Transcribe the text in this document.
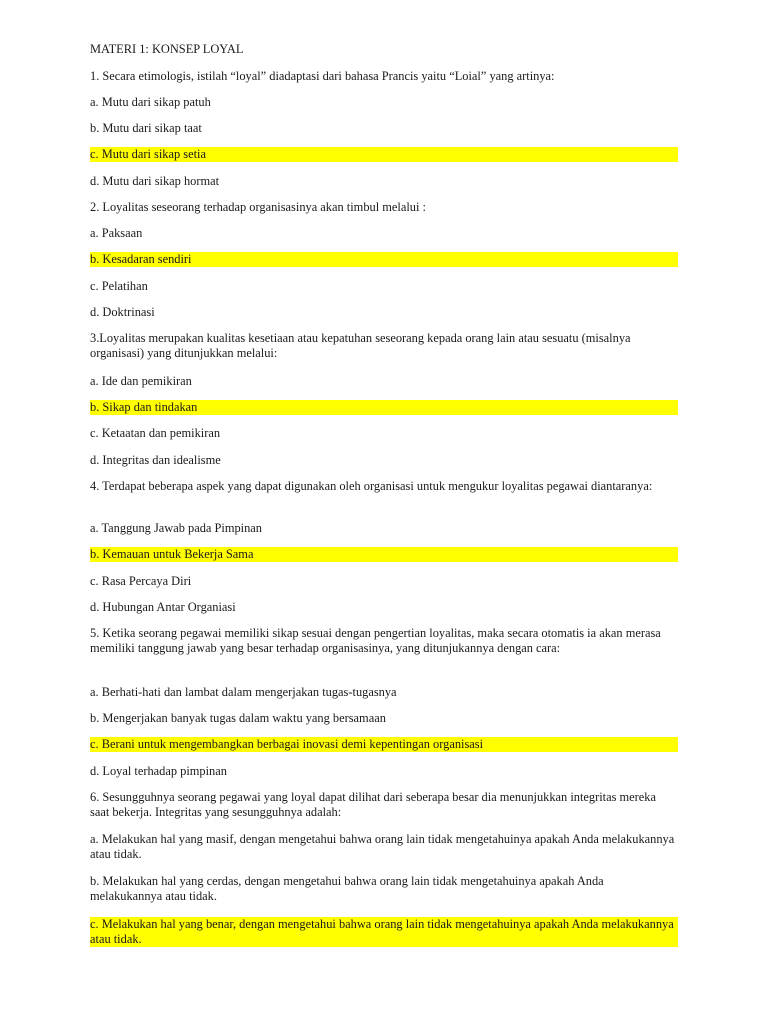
MATERI 1: KONSEP LOYAL
1. Secara etimologis, istilah “loyal” diadaptasi dari bahasa Prancis yaitu “Loial” yang artinya:
a. Mutu dari sikap patuh
b. Mutu dari sikap taat
c. Mutu dari sikap setia
d. Mutu dari sikap hormat
2. Loyalitas seseorang terhadap organisasinya akan timbul melalui :
a. Paksaan
b. Kesadaran sendiri
c. Pelatihan
d. Doktrinasi
3.Loyalitas merupakan kualitas kesetiaan atau kepatuhan seseorang kepada orang lain atau sesuatu (misalnya organisasi) yang ditunjukkan melalui:
a. Ide dan pemikiran
b. Sikap dan tindakan
c. Ketaatan dan pemikiran
d. Integritas dan idealisme
4. Terdapat beberapa aspek yang dapat digunakan oleh organisasi untuk mengukur loyalitas pegawai diantaranya:
a. Tanggung Jawab pada Pimpinan
b. Kemauan untuk Bekerja Sama
c. Rasa Percaya Diri
d. Hubungan Antar Organiasi
5. Ketika seorang pegawai memiliki sikap sesuai dengan pengertian loyalitas, maka secara otomatis ia akan merasa memiliki tanggung jawab yang besar terhadap organisasinya, yang ditunjukannya dengan cara:
a. Berhati-hati dan lambat dalam mengerjakan tugas-tugasnya
b. Mengerjakan banyak tugas dalam waktu yang bersamaan
c. Berani untuk mengembangkan berbagai inovasi demi kepentingan organisasi
d. Loyal terhadap pimpinan
6. Sesungguhnya seorang pegawai yang loyal dapat dilihat dari seberapa besar dia menunjukkan integritas mereka saat bekerja. Integritas yang sesungguhnya adalah:
a. Melakukan hal yang masif, dengan mengetahui bahwa orang lain tidak mengetahuinya apakah Anda melakukannya atau tidak.
b. Melakukan hal yang cerdas, dengan mengetahui bahwa orang lain tidak mengetahuinya apakah Anda melakukannya atau tidak.
c. Melakukan hal yang benar, dengan mengetahui bahwa orang lain tidak mengetahuinya apakah Anda melakukannya atau tidak.
